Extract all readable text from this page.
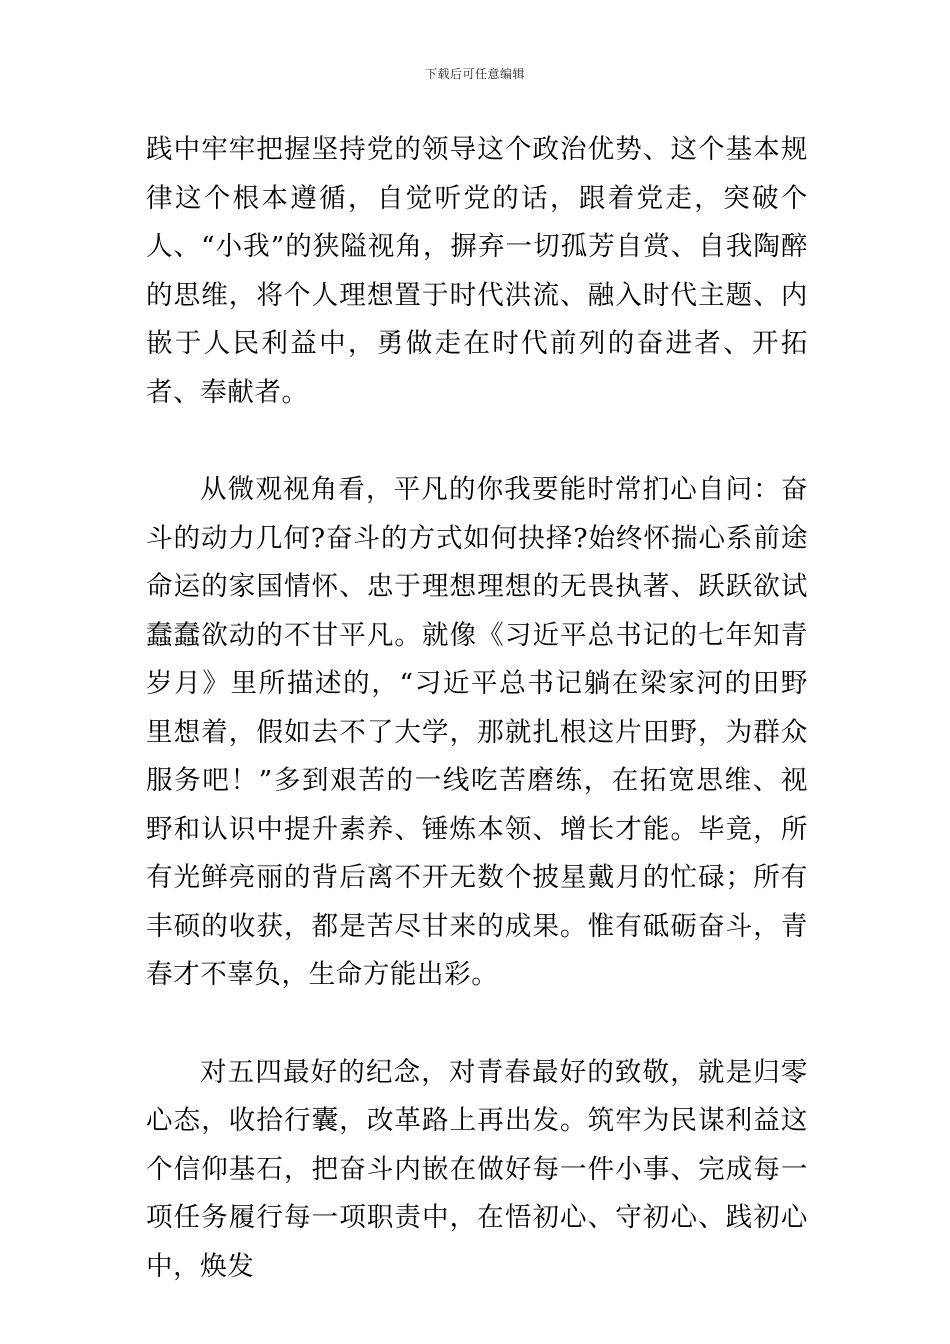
下载后可任意编辑

践中牢牢把握坚持党的领导这个政治优势、这个基本规律这个根本遵循，自觉听党的话，跟着党走，突破个人、“小我”的狭隘视角，摒弃一切孤芳自赏、自我陶醉的思维，将个人理想置于时代洪流、融入时代主题、内嵌于人民利益中，勇做走在时代前列的奋进者、开拓者、奉献者。

从微观视角看，平凡的你我要能时常扪心自问：奋斗的动力几何?奋斗的方式如何抉择?始终怀揣心系前途命运的家国情怀、忠于理想理想的无畏执著、跃跃欲试蠢蠢欲动的不甘平凡。就像《习近平总书记的七年知青岁月》里所描述的，“习近平总书记躺在梁家河的田野里想着，假如去不了大学，那就扎根这片田野，为群众服务吧！”多到艰苦的一线吃苦磨练，在拓宽思维、视野和认识中提升素养、锤炼本领、增长才能。毕竟，所有光鲜亮丽的背后离不开无数个披星戴月的忙碌；所有丰硕的收获，都是苦尽甘来的成果。惟有砥砺奋斗，青春才不辜负，生命方能出彩。

对五四最好的纪念，对青春最好的致敬，就是归零心态，收拾行囊，改革路上再出发。筑牢为民谋利益这个信仰基石，把奋斗内嵌在做好每一件小事、完成每一项任务履行每一项职责中，在悟初心、守初心、践初心中，焕发
